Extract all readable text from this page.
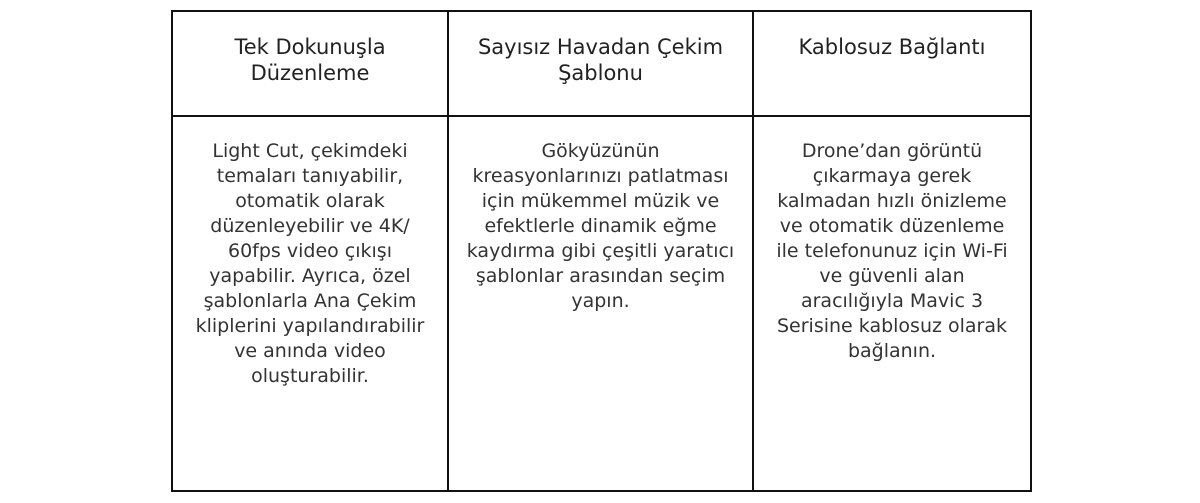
Tek Dokunuşla Düzenleme	Sayısız Havadan Çekim Şablonu	Kablosuz Bağlantı
Light Cut, çekimdeki temaları tanıyabilir, otomatik olarak düzenleyebilir ve 4K/ 60fps video çıkışı yapabilir. Ayrıca, özel şablonlarla Ana Çekim kliplerini yapılandırabilir ve anında video oluşturabilir.	Gökyüzünün kreasyonlarınızı patlatması için mükemmel müzik ve efektlerle dinamik eğme kaydırma gibi çeşitli yaratıcı şablonlar arasından seçim yapın.	Drone’dan görüntü çıkarmaya gerek kalmadan hızlı önizleme ve otomatik düzenleme ile telefonunuz için Wi-Fi ve güvenli alan aracılığıyla Mavic 3 Serisine kablosuz olarak bağlanın.
